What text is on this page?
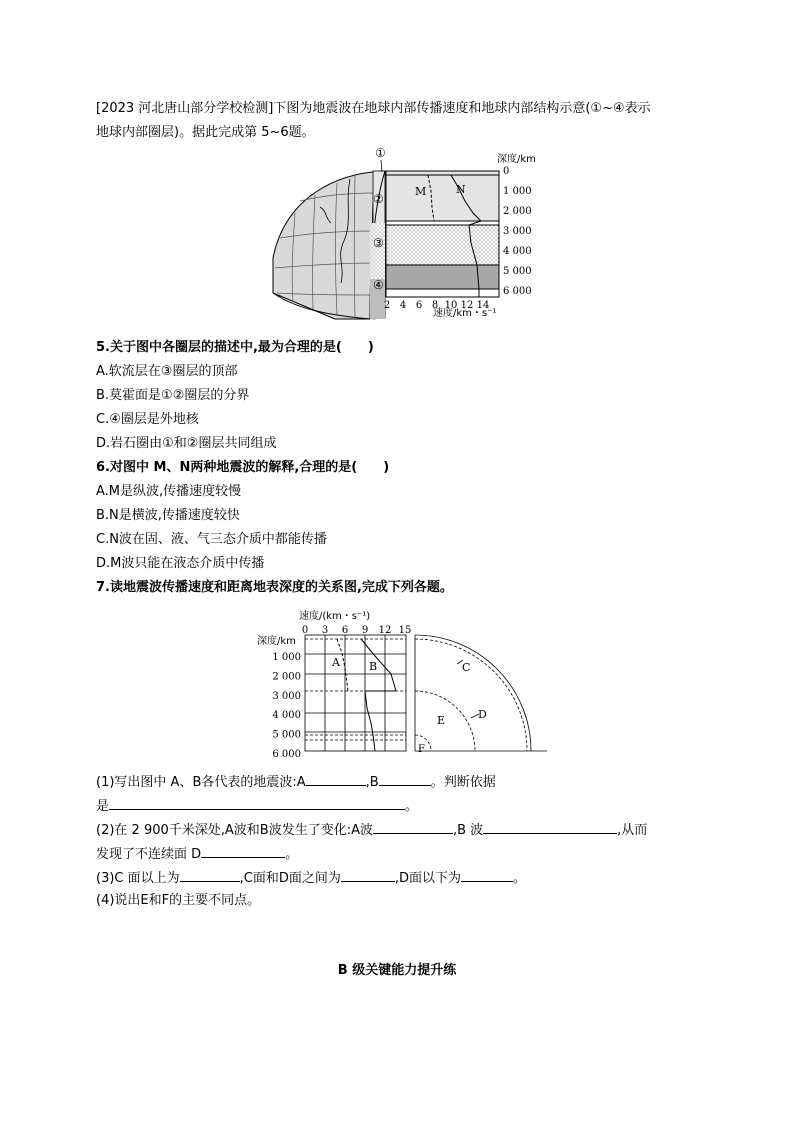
[2023 河北唐山部分学校检测]下图为地震波在地球内部传播速度和地球内部结构示意(①~④表示
地球内部圈层)。据此完成第 5~6题。
①
②
③
④
M	N
深度/km
0
1 000
2 000
3 000
4 000
5 000
6 000
2 4 6 8 10 12 14
速度/km・s⁻¹
5.关于图中各圈层的描述中,最为合理的是(　　)
A.软流层在③圈层的顶部
B.莫霍面是①②圈层的分界
C.④圈层是外地核
D.岩石圈由①和②圈层共同组成
6.对图中 M、N两种地震波的解释,合理的是(　　)
A.M是纵波,传播速度较慢
B.N是横波,传播速度较快
C.N波在固、液、气三态介质中都能传播
D.M波只能在液态介质中传播
7.读地震波传播速度和距离地表深度的关系图,完成下列各题。
速度/(km・s⁻¹)
0 3 6 9 12 15
深度/km
1 000
2 000
3 000
4 000
5 000
6 000
A	B	C
D
E
F
(1)写出图中 A、B各代表的地震波:A	,B	。判断依据
是	。
(2)在 2 900千米深处,A波和B波发生了变化:A波	,B 波	,从而
发现了不连续面 D	。
(3)C 面以上为	,C面和D面之间为	,D面以下为	。
(4)说出E和F的主要不同点。
B 级关键能力提升练
